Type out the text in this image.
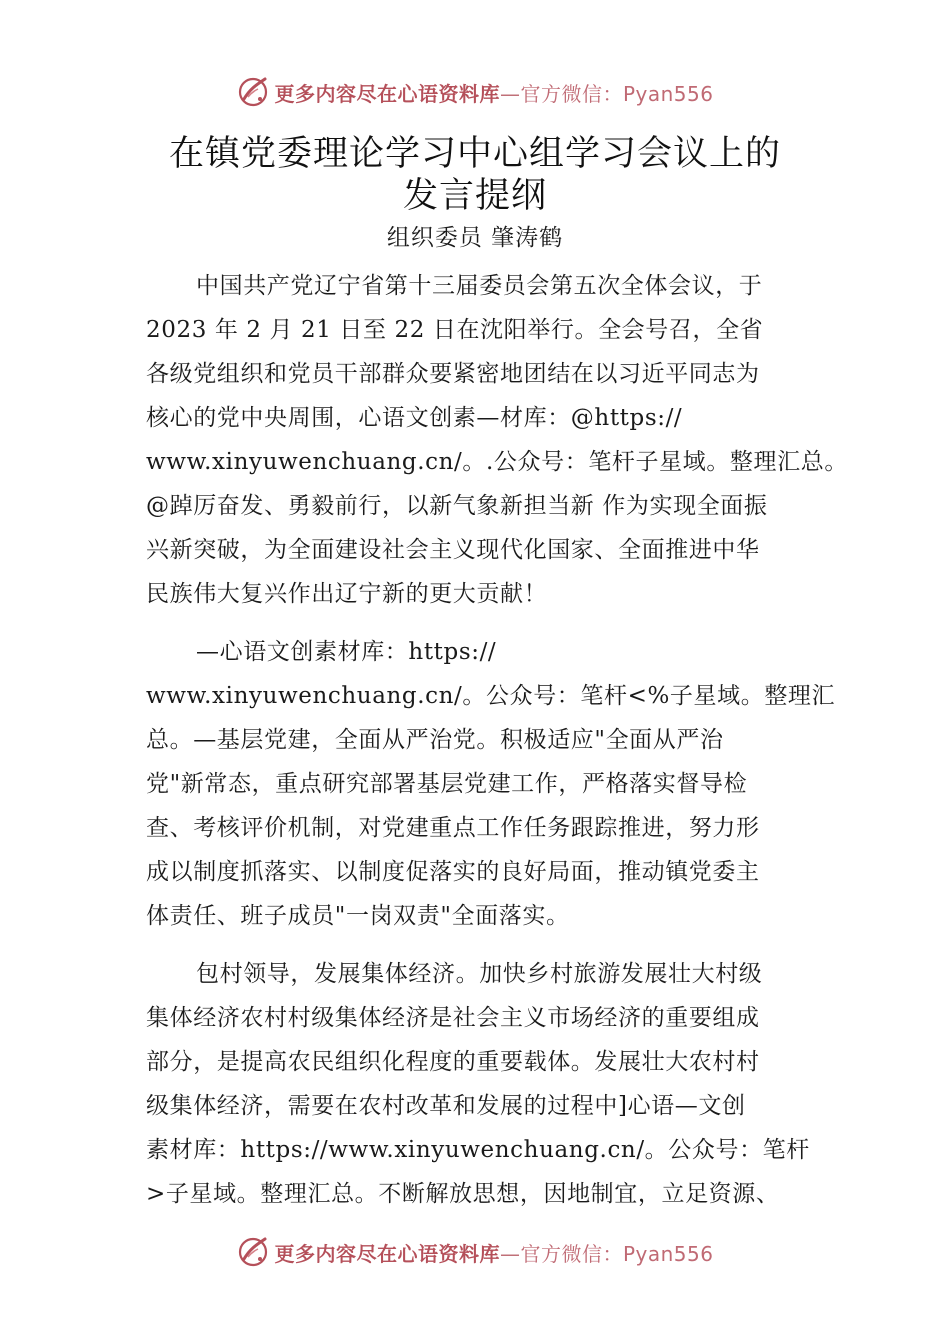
更多内容尽在心语资料库—官方微信：Pyan556
在镇党委理论学习中心组学习会议上的
发言提纲
组织委员 肇涛鹤
中国共产党辽宁省第十三届委员会第五次全体会议，于
2023 年 2 月 21 日至 22 日在沈阳举行。全会号召，全省
各级党组织和党员干部群众要紧密地团结在以习近平同志为
核心的党中央周围，心语文创素—材库：@https://
www.xinyuwenchuang.cn/。.公众号：笔杆子星域。整理汇总。
@踔厉奋发、勇毅前行，以新气象新担当新 作为实现全面振
兴新突破，为全面建设社会主义现代化国家、全面推进中华
民族伟大复兴作出辽宁新的更大贡献！
—心语文创素材库：https://
www.xinyuwenchuang.cn/。公众号：笔杆<%子星域。整理汇
总。—基层党建，全面从严治党。积极适应"全面从严治
党"新常态，重点研究部署基层党建工作，严格落实督导检
查、考核评价机制，对党建重点工作任务跟踪推进，努力形
成以制度抓落实、以制度促落实的良好局面，推动镇党委主
体责任、班子成员"一岗双责"全面落实。
包村领导，发展集体经济。加快乡村旅游发展壮大村级
集体经济农村村级集体经济是社会主义市场经济的重要组成
部分，是提高农民组织化程度的重要载体。发展壮大农村村
级集体经济，需要在农村改革和发展的过程中]心语—文创
素材库：https://www.xinyuwenchuang.cn/。公众号：笔杆
>子星域。整理汇总。不断解放思想，因地制宜，立足资源、
更多内容尽在心语资料库—官方微信：Pyan556
